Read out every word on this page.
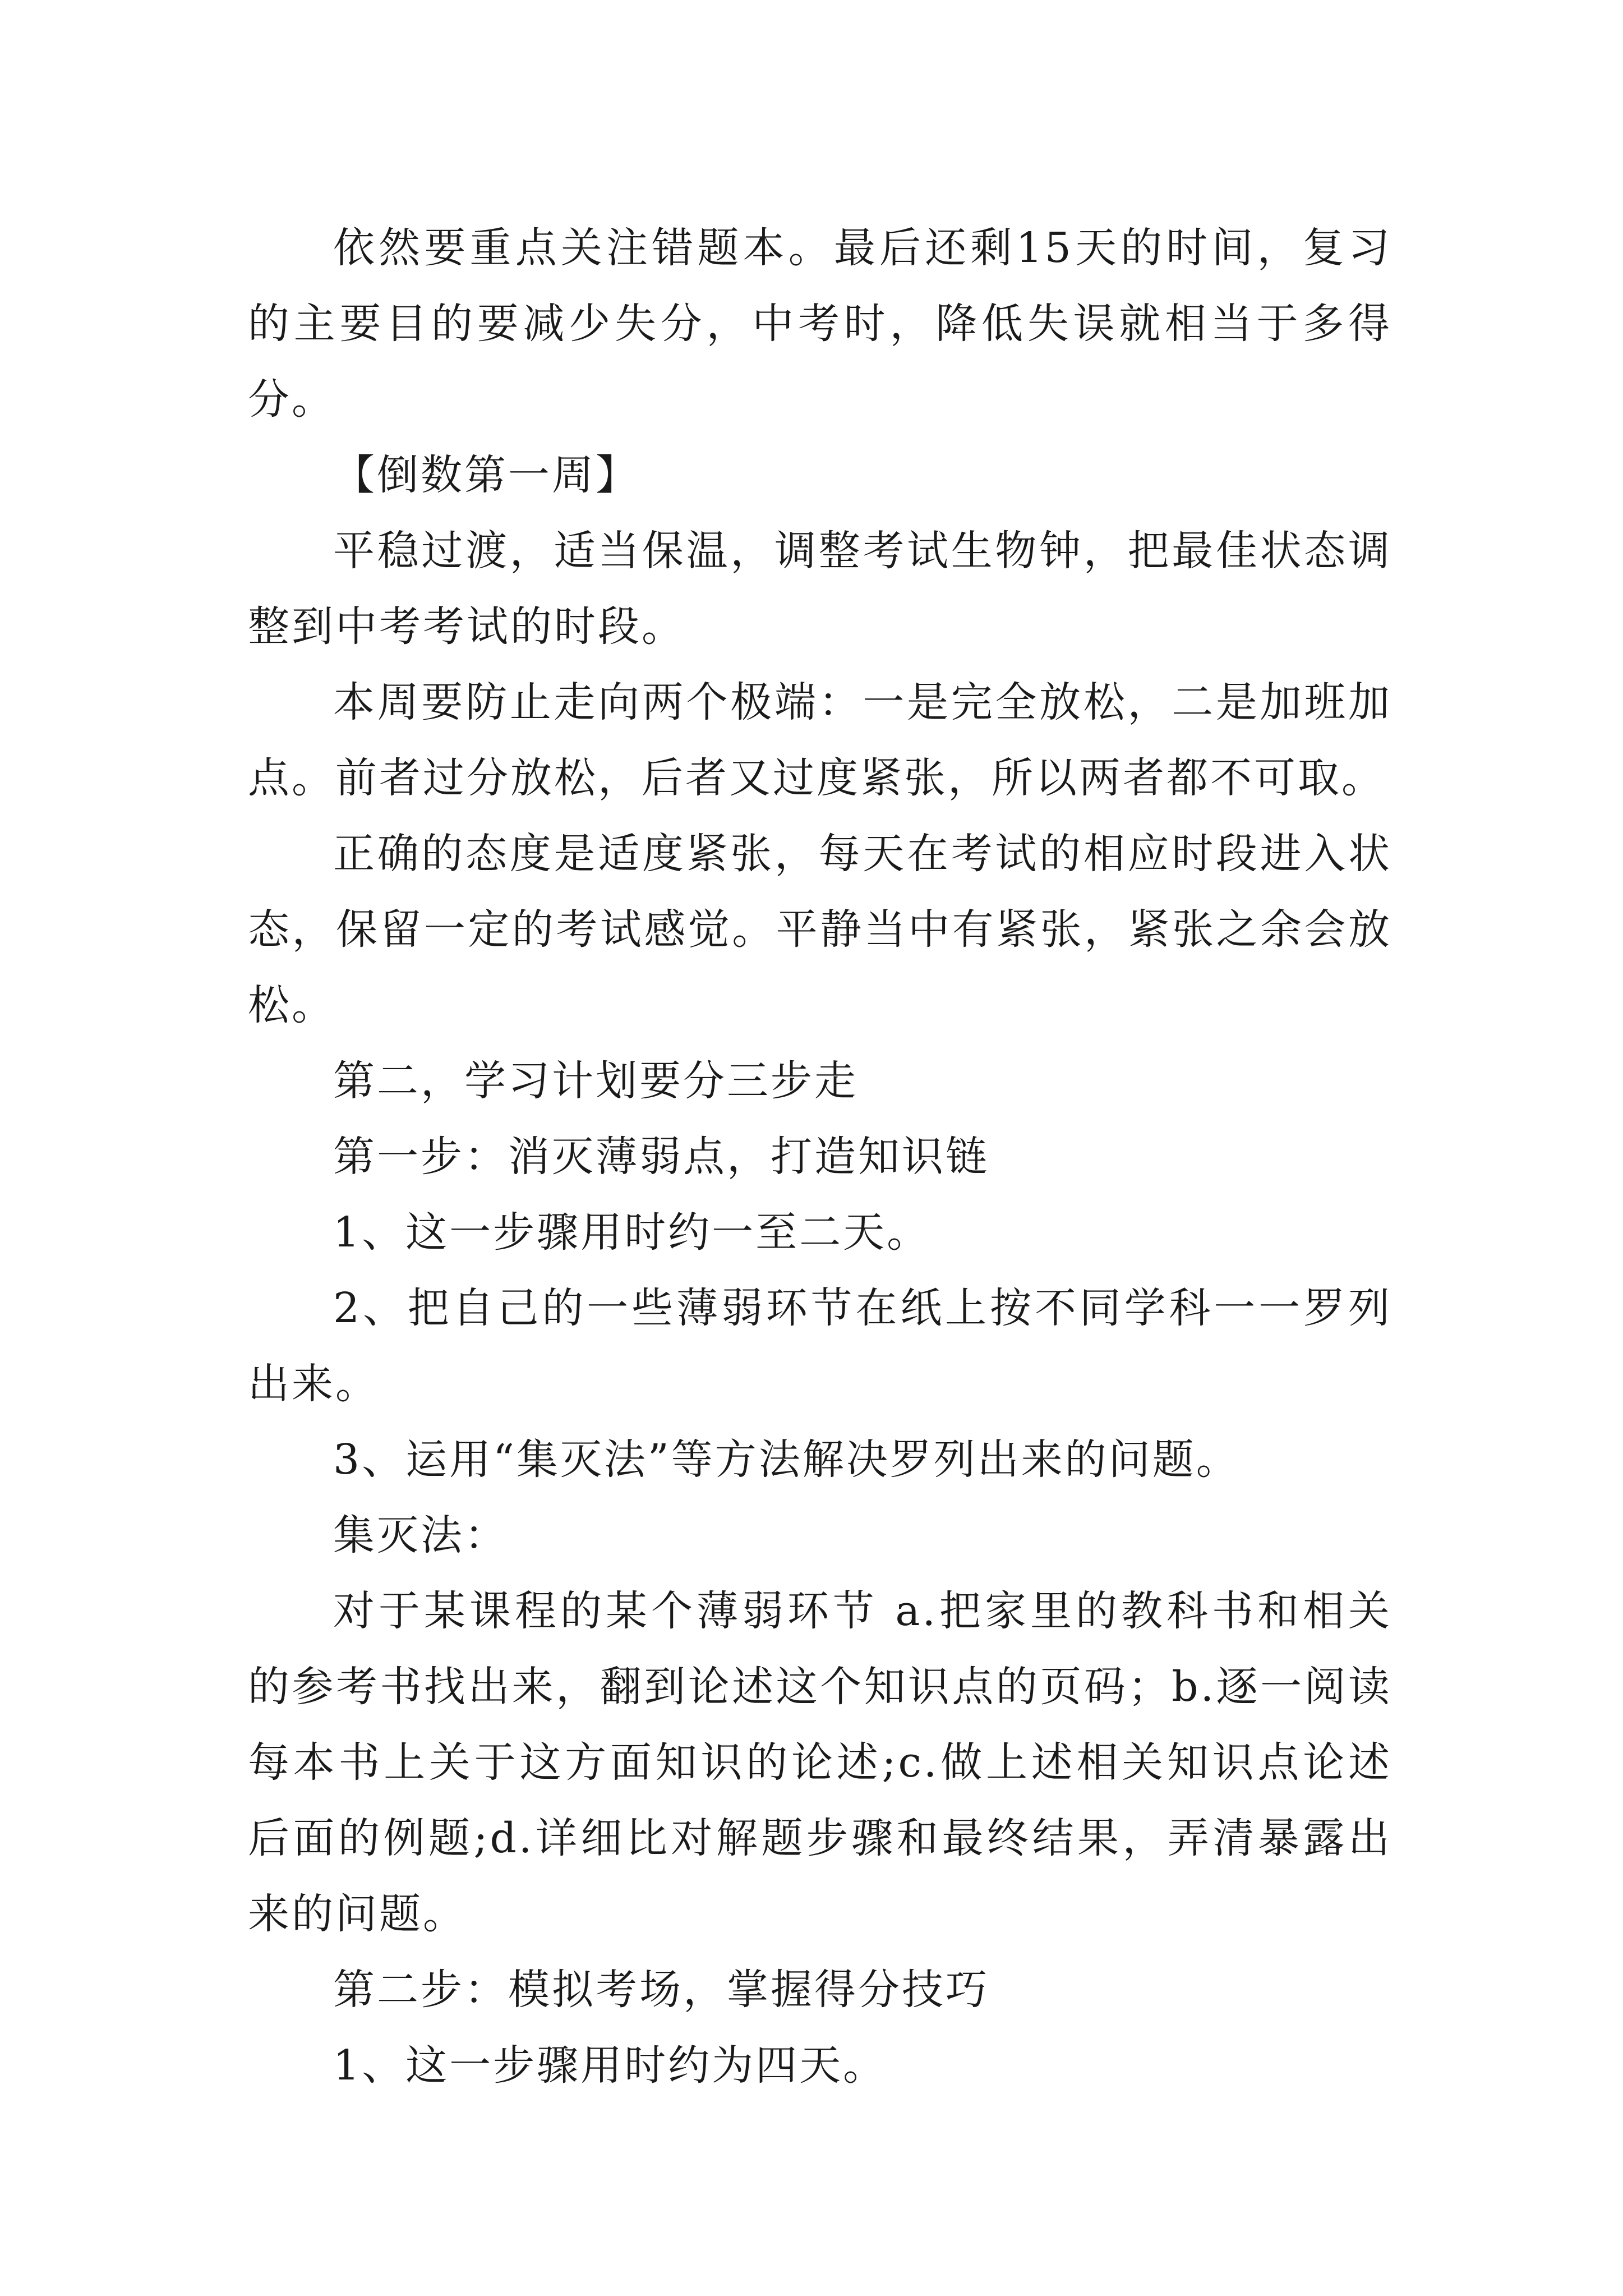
依然要重点关注错题本。最后还剩15天的时间，复习的主要目的要减少失分，中考时，降低失误就相当于多得分。

【倒数第一周】

平稳过渡，适当保温，调整考试生物钟，把最佳状态调整到中考考试的时段。

本周要防止走向两个极端：一是完全放松，二是加班加点。前者过分放松，后者又过度紧张，所以两者都不可取。

正确的态度是适度紧张，每天在考试的相应时段进入状态，保留一定的考试感觉。平静当中有紧张，紧张之余会放松。

第二，学习计划要分三步走

第一步：消灭薄弱点，打造知识链

1、这一步骤用时约一至二天。

2、把自己的一些薄弱环节在纸上按不同学科一一罗列出来。

3、运用“集灭法”等方法解决罗列出来的问题。

集灭法：

对于某课程的某个薄弱环节 a.把家里的教科书和相关的参考书找出来，翻到论述这个知识点的页码；b.逐一阅读每本书上关于这方面知识的论述;c.做上述相关知识点论述后面的例题;d.详细比对解题步骤和最终结果，弄清暴露出来的问题。

第二步：模拟考场，掌握得分技巧

1、这一步骤用时约为四天。
